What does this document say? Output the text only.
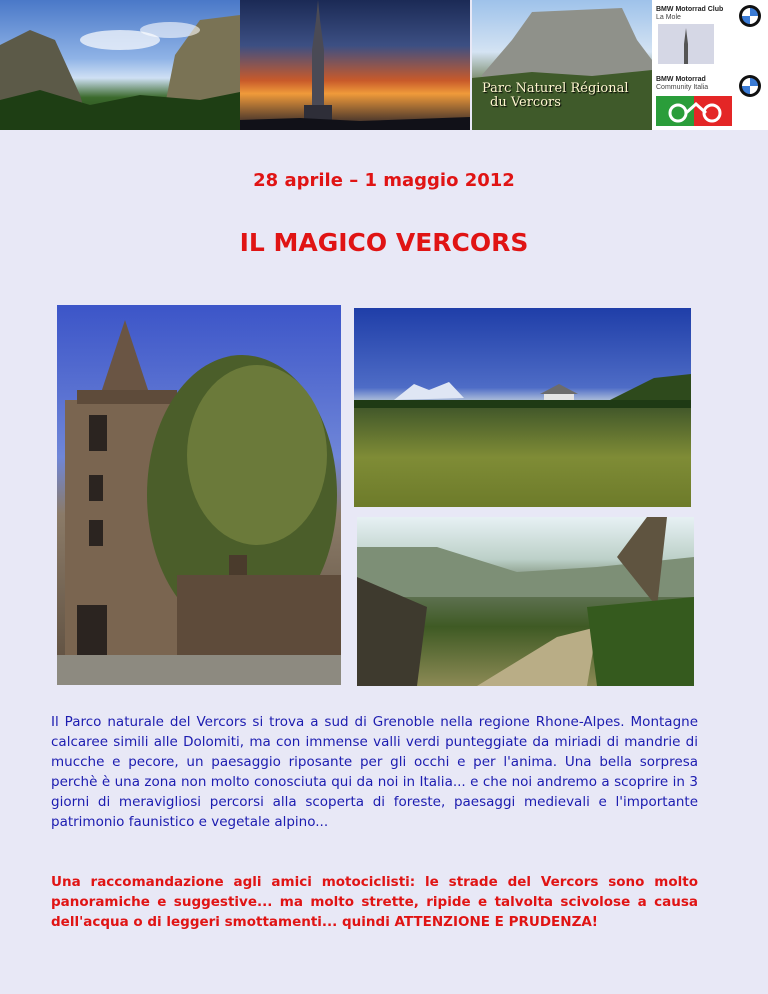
Parc Naturel Régional
du Vercors
BMW Motorrad Club
La Mole
BMW Motorrad
Community Italia
28 aprile – 1 maggio 2012
IL MAGICO VERCORS

Il Parco naturale del Vercors si trova a sud di Grenoble nella regione Rhone-Alpes. Montagne calcaree simili alle Dolomiti, ma con immense valli verdi punteggiate da miriadi di mandrie di mucche e pecore, un paesaggio riposante per gli occhi e per l'anima. Una bella sorpresa perchè è una zona non molto conosciuta qui da noi in Italia... e che noi andremo a scoprire in 3 giorni di meravigliosi percorsi alla scoperta di foreste, paesaggi medievali e l'importante patrimonio faunistico e vegetale alpino...

Una raccomandazione agli amici motociclisti: le strade del Vercors sono molto panoramiche e suggestive... ma molto strette, ripide e talvolta scivolose a causa dell'acqua o di leggeri smottamenti... quindi ATTENZIONE E PRUDENZA!
